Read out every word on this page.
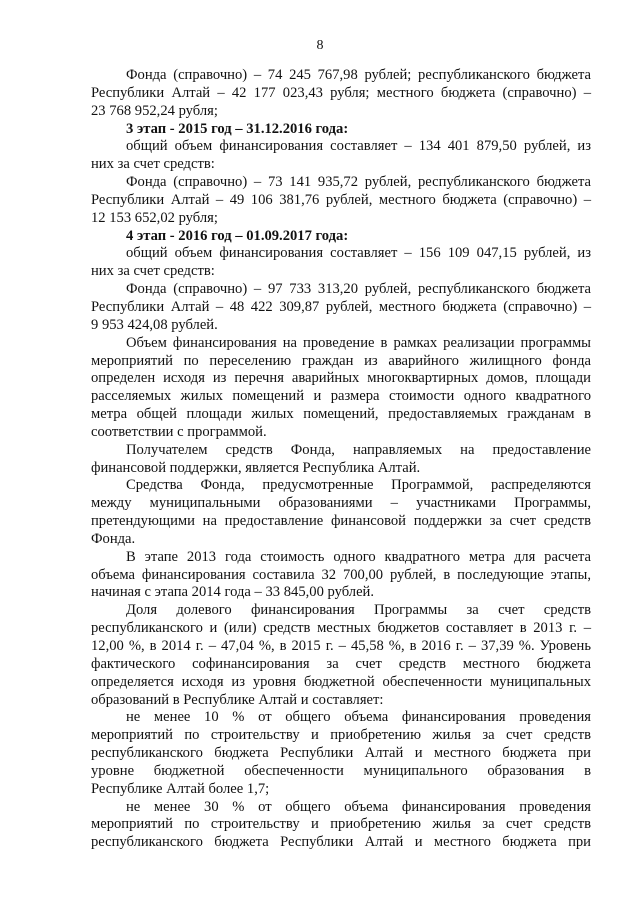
8
Фонда (справочно) – 74 245 767,98 рублей; республиканского бюджета
Республики Алтай – 42 177 023,43 рубля; местного бюджета (справочно) –
23 768 952,24 рубля;
3 этап - 2015 год – 31.12.2016 года:
общий объем финансирования составляет – 134 401 879,50 рублей, из
них за счет средств:
Фонда (справочно) – 73 141 935,72 рублей, республиканского бюджета
Республики Алтай – 49 106 381,76 рублей, местного бюджета (справочно) –
12 153 652,02 рубля;
4 этап - 2016 год – 01.09.2017 года:
общий объем финансирования составляет – 156 109 047,15 рублей, из
них за счет средств:
Фонда (справочно) – 97 733 313,20 рублей, республиканского бюджета
Республики Алтай – 48 422 309,87 рублей, местного бюджета (справочно) –
9 953 424,08 рублей.
Объем финансирования на проведение в рамках реализации программы
мероприятий по переселению граждан из аварийного жилищного фонда
определен исходя из перечня аварийных многоквартирных домов, площади
расселяемых жилых помещений и размера стоимости одного квадратного
метра общей площади жилых помещений, предоставляемых гражданам в
соответствии с программой.
Получателем средств Фонда, направляемых на предоставление
финансовой поддержки, является Республика Алтай.
Средства Фонда, предусмотренные Программой, распределяются
между муниципальными образованиями – участниками Программы,
претендующими на предоставление финансовой поддержки за счет средств
Фонда.
В этапе 2013 года стоимость одного квадратного метра для расчета
объема финансирования составила 32 700,00 рублей, в последующие этапы,
начиная с этапа 2014 года – 33 845,00 рублей.
Доля долевого финансирования Программы за счет средств
республиканского и (или) средств местных бюджетов составляет в 2013 г. –
12,00 %, в 2014 г. – 47,04 %, в 2015 г. – 45,58 %, в 2016 г. – 37,39 %. Уровень
фактического софинансирования за счет средств местного бюджета
определяется исходя из уровня бюджетной обеспеченности муниципальных
образований в Республике Алтай и составляет:
не менее 10 % от общего объема финансирования проведения
мероприятий по строительству и приобретению жилья за счет средств
республиканского бюджета Республики Алтай и местного бюджета при
уровне бюджетной обеспеченности муниципального образования в
Республике Алтай более 1,7;
не менее 30 % от общего объема финансирования проведения
мероприятий по строительству и приобретению жилья за счет средств
республиканского бюджета Республики Алтай и местного бюджета при
